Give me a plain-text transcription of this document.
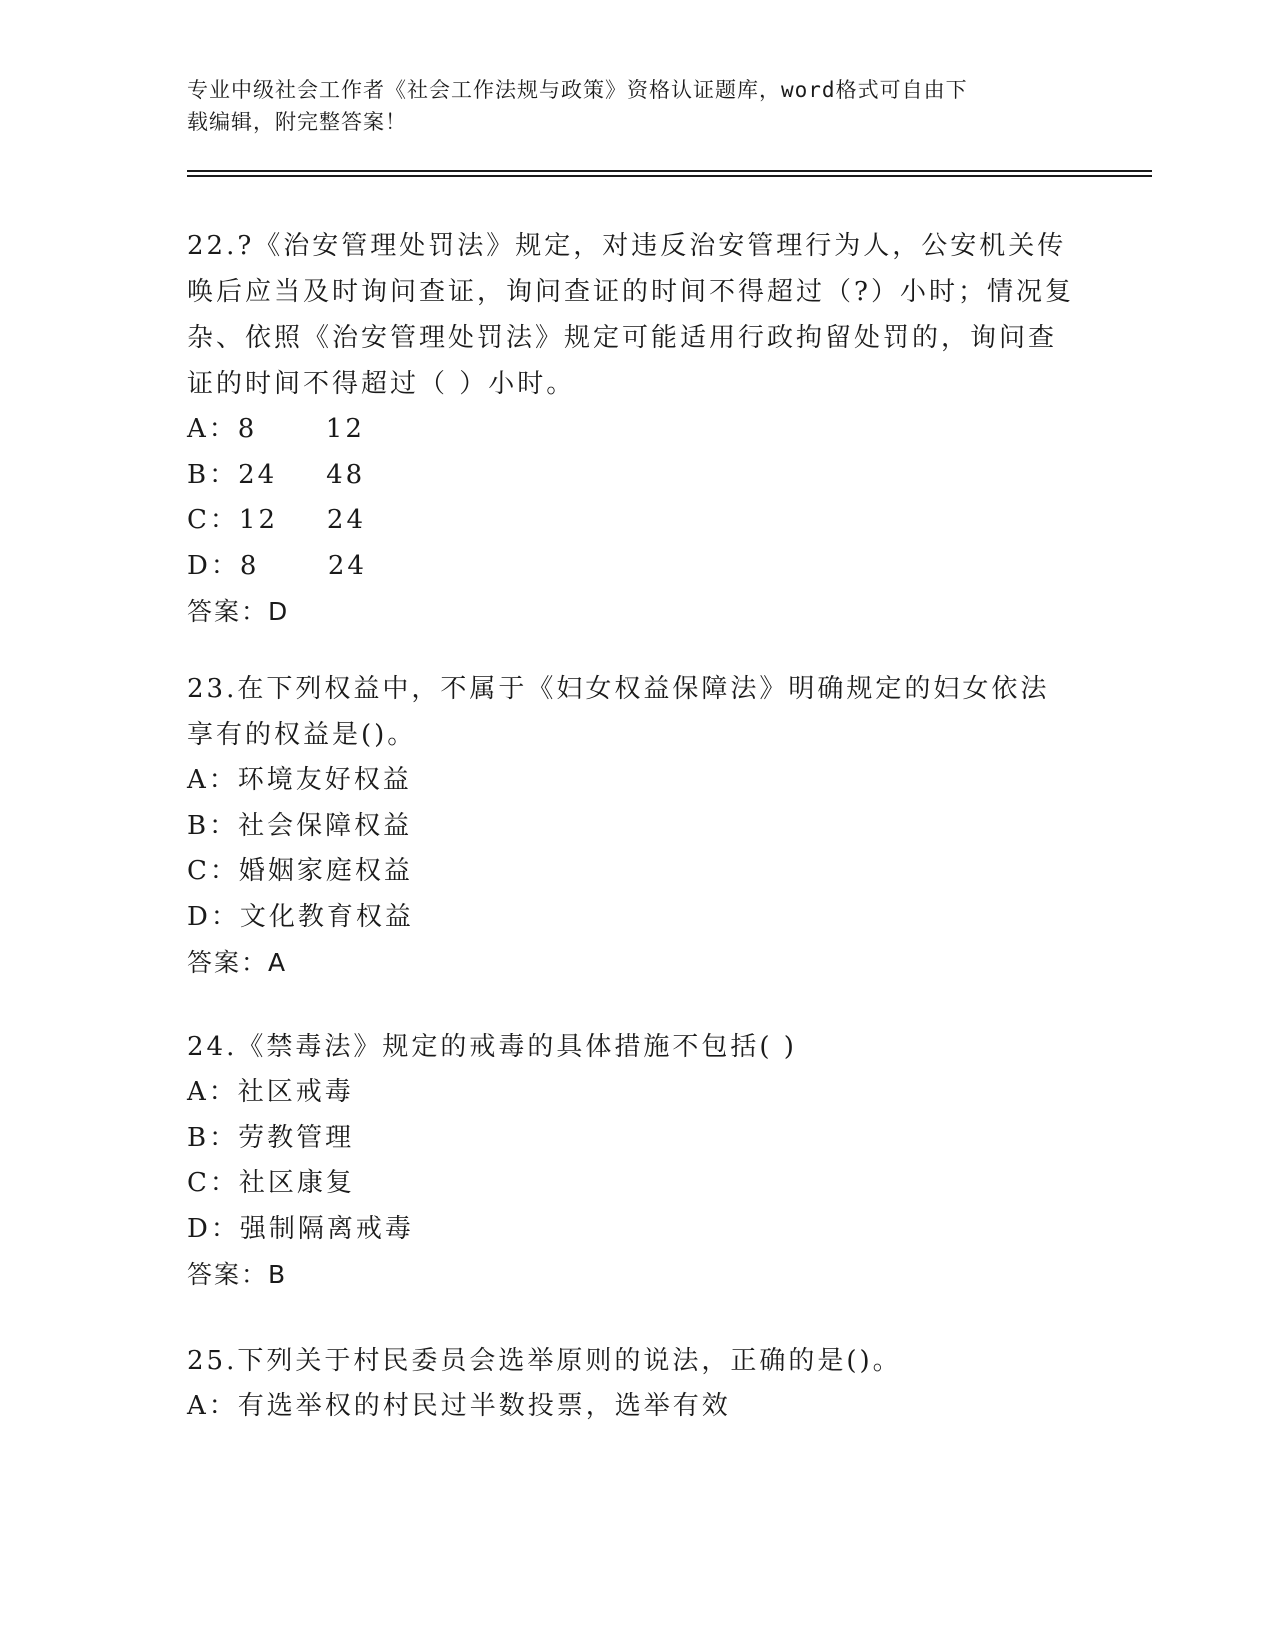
专业中级社会工作者《社会工作法规与政策》资格认证题库，word格式可自由下
载编辑，附完整答案！

22.?《治安管理处罚法》规定，对违反治安管理行为人，公安机关传唤后应当及时询问查证，询问查证的时间不得超过（?）小时；情况复杂、依照《治安管理处罚法》规定可能适用行政拘留处罚的，询问查证的时间不得超过（ ）小时。

A：8	12

B：24 48

C：12 24

D：8	24

答案：D

23.在下列权益中，不属于《妇女权益保障法》明确规定的妇女依法享有的权益是()。

A：环境友好权益

B：社会保障权益

C：婚姻家庭权益

D：文化教育权益

答案：A

24.《禁毒法》规定的戒毒的具体措施不包括( )

A：社区戒毒

B：劳教管理

C：社区康复

D：强制隔离戒毒

答案：B

25.下列关于村民委员会选举原则的说法，正确的是()。

A：有选举权的村民过半数投票，选举有效
